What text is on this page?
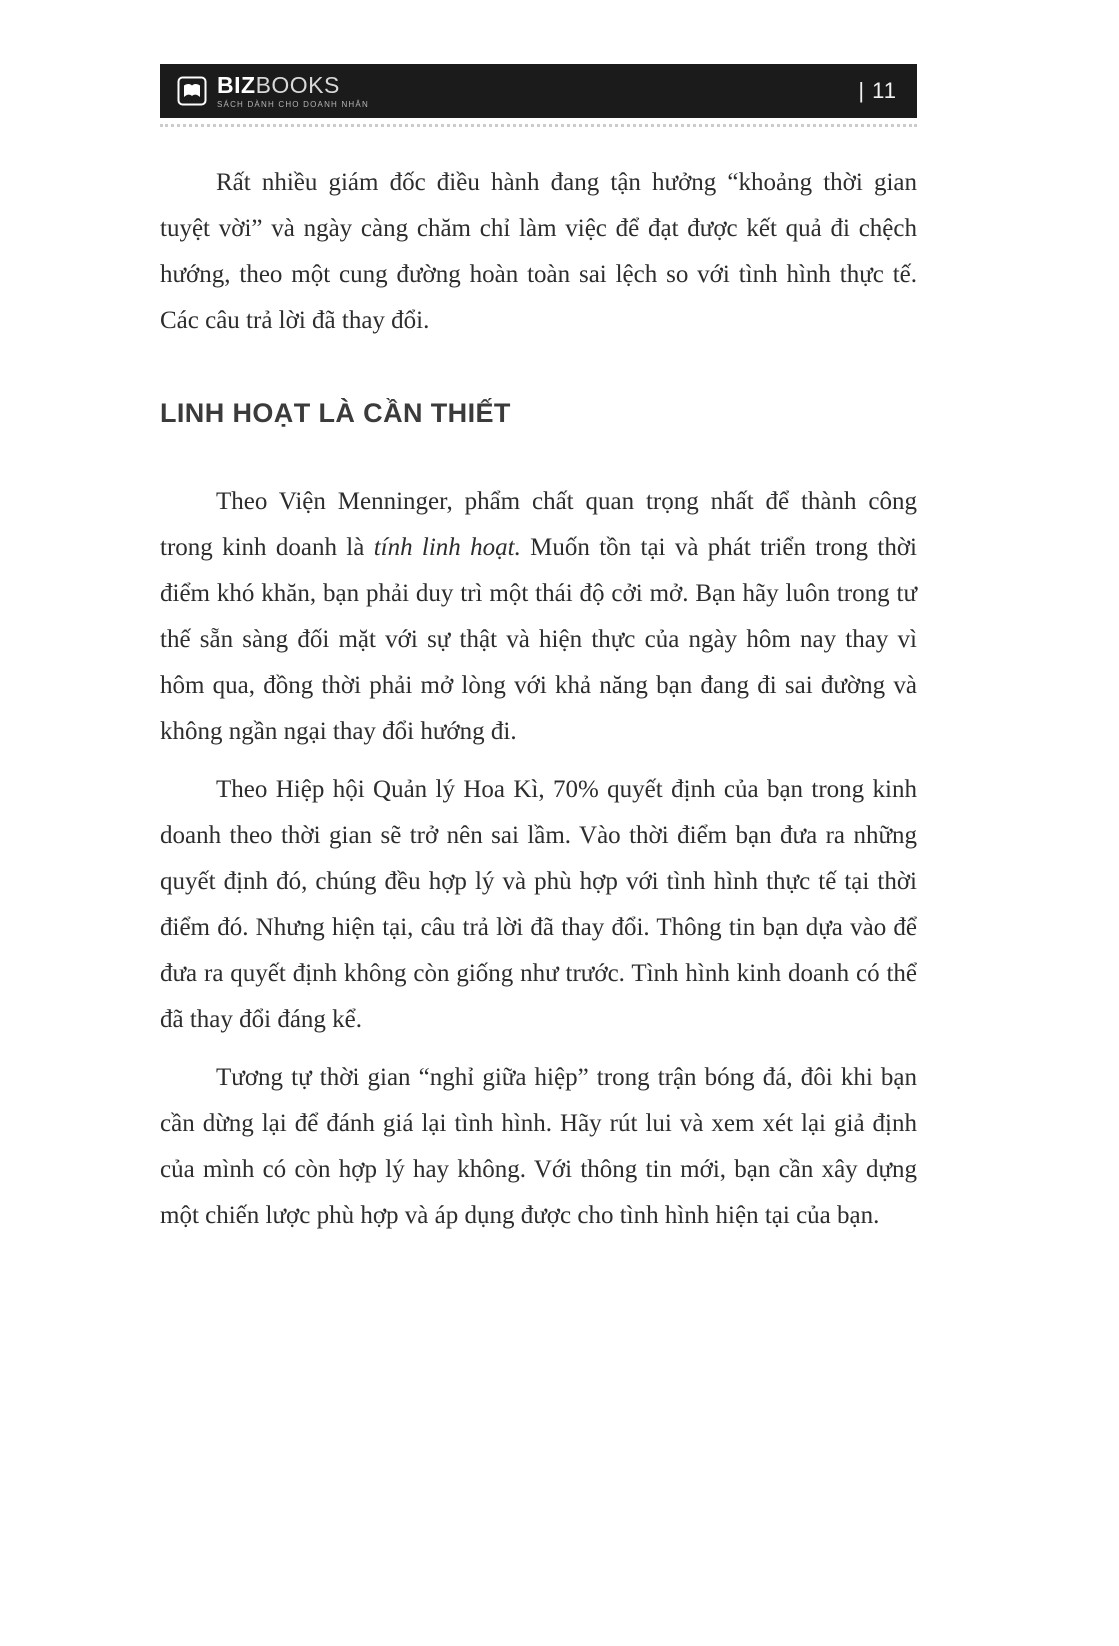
BIZBOOKS
SÁCH DÀNH CHO DOANH NHÂN
| 11

Rất nhiều giám đốc điều hành đang tận hưởng “khoảng thời gian tuyệt vời” và ngày càng chăm chỉ làm việc để đạt được kết quả đi chệch hướng, theo một cung đường hoàn toàn sai lệch so với tình hình thực tế. Các câu trả lời đã thay đổi.

LINH HOẠT LÀ CẦN THIẾT

Theo Viện Menninger, phẩm chất quan trọng nhất để thành công trong kinh doanh là tính linh hoạt. Muốn tồn tại và phát triển trong thời điểm khó khăn, bạn phải duy trì một thái độ cởi mở. Bạn hãy luôn trong tư thế sẵn sàng đối mặt với sự thật và hiện thực của ngày hôm nay thay vì hôm qua, đồng thời phải mở lòng với khả năng bạn đang đi sai đường và không ngần ngại thay đổi hướng đi.

Theo Hiệp hội Quản lý Hoa Kì, 70% quyết định của bạn trong kinh doanh theo thời gian sẽ trở nên sai lầm. Vào thời điểm bạn đưa ra những quyết định đó, chúng đều hợp lý và phù hợp với tình hình thực tế tại thời điểm đó. Nhưng hiện tại, câu trả lời đã thay đổi. Thông tin bạn dựa vào để đưa ra quyết định không còn giống như trước. Tình hình kinh doanh có thể đã thay đổi đáng kể.

Tương tự thời gian “nghỉ giữa hiệp” trong trận bóng đá, đôi khi bạn cần dừng lại để đánh giá lại tình hình. Hãy rút lui và xem xét lại giả định của mình có còn hợp lý hay không. Với thông tin mới, bạn cần xây dựng một chiến lược phù hợp và áp dụng được cho tình hình hiện tại của bạn.
